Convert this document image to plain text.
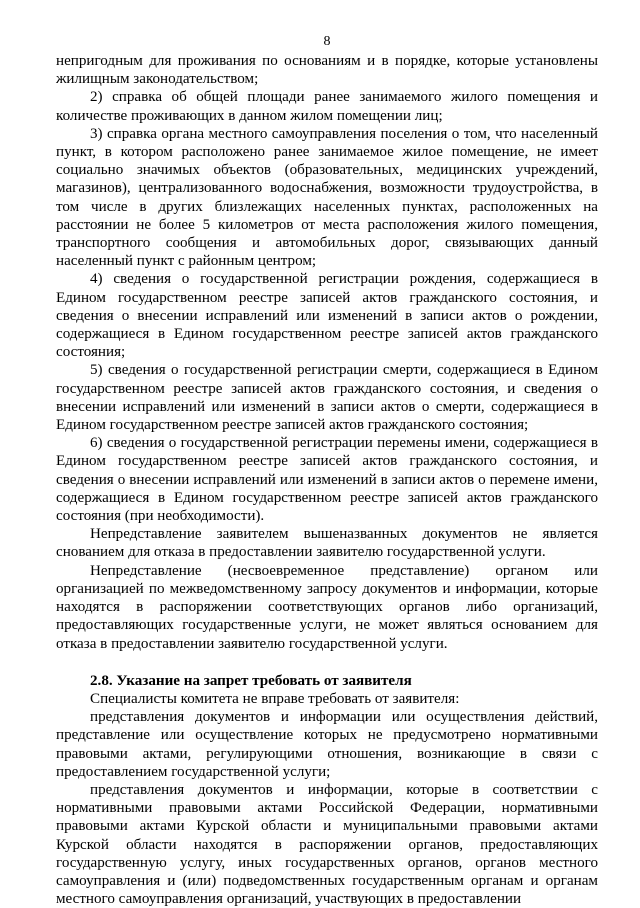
8

непригодным для проживания по основаниям и в порядке, которые установлены жилищным законодательством;

2) справка об общей площади ранее занимаемого жилого помещения и количестве проживающих в данном жилом помещении лиц;

3) справка органа местного самоуправления поселения о том, что населенный пункт, в котором расположено ранее занимаемое жилое помещение, не имеет социально значимых объектов (образовательных, медицинских учреждений, магазинов), централизованного водоснабжения, возможности трудоустройства, в том числе в других близлежащих населенных пунктах, расположенных на расстоянии не более 5 километров от места расположения жилого помещения, транспортного сообщения и автомобильных дорог, связывающих данный населенный пункт с районным центром;

4) сведения о государственной регистрации рождения, содержащиеся в Едином государственном реестре записей актов гражданского состояния, и сведения о внесении исправлений или изменений в записи актов о рождении, содержащиеся в Едином государственном реестре записей актов гражданского состояния;

5) сведения о государственной регистрации смерти, содержащиеся в Едином государственном реестре записей актов гражданского состояния, и сведения о внесении исправлений или изменений в записи актов о смерти, содержащиеся в Едином государственном реестре записей актов гражданского состояния;

6) сведения о государственной регистрации перемены имени, содержащиеся в Едином государственном реестре записей актов гражданского состояния, и сведения о внесении исправлений или изменений в записи актов о перемене имени, содержащиеся в Едином государственном реестре записей актов гражданского состояния (при необходимости).

Непредставление заявителем вышеназванных документов не является снованием для отказа в предоставлении заявителю государственной услуги.

Непредставление (несвоевременное представление) органом или организацией по межведомственному запросу документов и информации, которые находятся в распоряжении соответствующих органов либо организаций, предоставляющих государственные услуги, не может являться основанием для отказа в предоставлении заявителю государственной услуги.

2.8. Указание на запрет требовать от заявителя

Специалисты комитета не вправе требовать от заявителя:

представления документов и информации или осуществления действий, представление или осуществление которых не предусмотрено нормативными правовыми актами, регулирующими отношения, возникающие в связи с предоставлением государственной услуги;

представления документов и информации, которые в соответствии с нормативными правовыми актами Российской Федерации, нормативными правовыми актами Курской области и муниципальными правовыми актами Курской области находятся в распоряжении органов, предоставляющих государственную услугу, иных государственных органов, органов местного самоуправления и (или) подведомственных государственным органам и органам местного самоуправления организаций, участвующих в предоставлении
